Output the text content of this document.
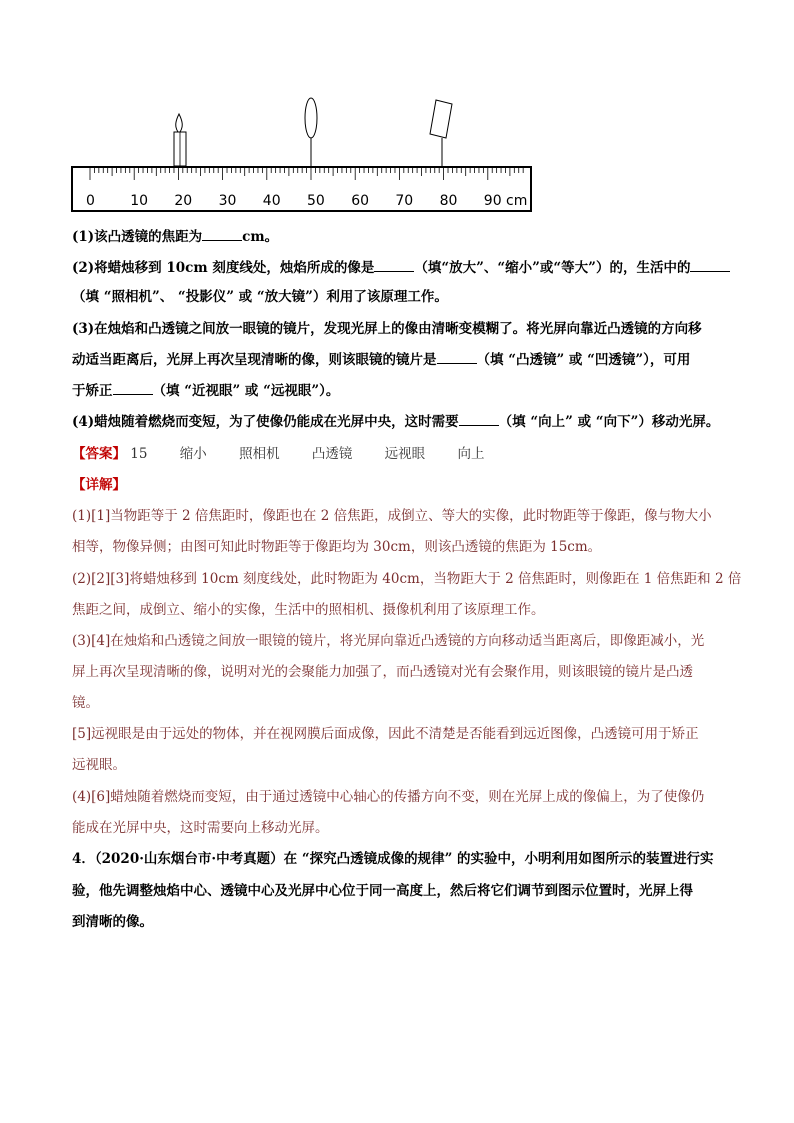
0	10 20 30 40 50 60 70 80 90 cm
(1)该凸透镜的焦距为	cm。
(2)将蜡烛移到 10cm 刻度线处，烛焰所成的像是	（填“放大”、“缩小”或“等大”）的，生活中的
（填 “照相机”、 “投影仪” 或 “放大镜”）利用了该原理工作。
(3)在烛焰和凸透镜之间放一眼镜的镜片，发现光屏上的像由清晰变模糊了。将光屏向靠近凸透镜的方向移
动适当距离后，光屏上再次呈现清晰的像，则该眼镜的镜片是	（填 “凸透镜” 或 “凹透镜”），可用
于矫正	（填 “近视眼” 或 “远视眼”）。
(4)蜡烛随着燃烧而变短，为了使像仍能成在光屏中央，这时需要	（填 “向上” 或 “向下”）移动光屏。
【答案】 15 缩小 照相机 凸透镜 远视眼 向上
【详解】
(1)[1]当物距等于 2 倍焦距时，像距也在 2 倍焦距，成倒立、等大的实像，此时物距等于像距，像与物大小
相等，物像异侧；由图可知此时物距等于像距均为 30cm，则该凸透镜的焦距为 15cm。
(2)[2][3]将蜡烛移到 10cm 刻度线处，此时物距为 40cm，当物距大于 2 倍焦距时，则像距在 1 倍焦距和 2 倍
焦距之间，成倒立、缩小的实像，生活中的照相机、摄像机利用了该原理工作。
(3)[4]在烛焰和凸透镜之间放一眼镜的镜片，将光屏向靠近凸透镜的方向移动适当距离后，即像距减小，光
屏上再次呈现清晰的像，说明对光的会聚能力加强了，而凸透镜对光有会聚作用，则该眼镜的镜片是凸透
镜。
[5]远视眼是由于远处的物体，并在视网膜后面成像，因此不清楚是否能看到远近图像，凸透镜可用于矫正
远视眼。
(4)[6]蜡烛随着燃烧而变短，由于通过透镜中心轴心的传播方向不变，则在光屏上成的像偏上，为了使像仍
能成在光屏中央，这时需要向上移动光屏。
4．（2020·山东烟台市·中考真题）在 “探究凸透镜成像的规律” 的实验中，小明利用如图所示的装置进行实
验，他先调整烛焰中心、透镜中心及光屏中心位于同一高度上，然后将它们调节到图示位置时，光屏上得
到清晰的像。
